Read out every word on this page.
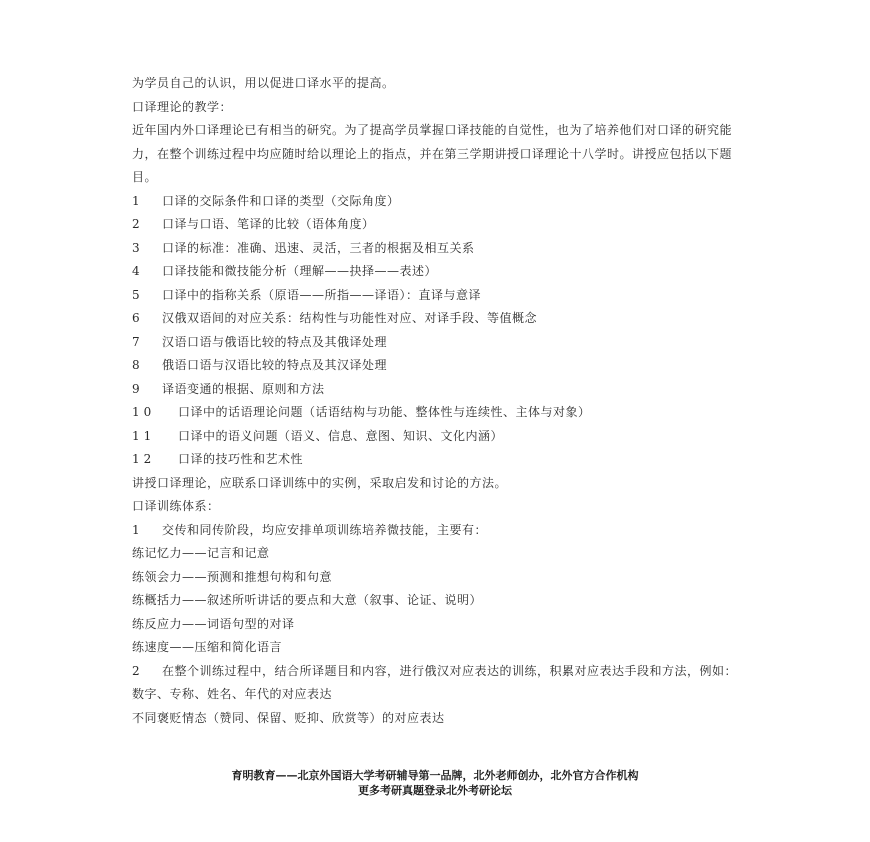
为学员自己的认识，用以促进口译水平的提高。
口译理论的教学：
近年国内外口译理论已有相当的研究。为了提高学员掌握口译技能的自觉性，也为了培养他们对口译的研究能力，在整个训练过程中均应随时给以理论上的指点，并在第三学期讲授口译理论十八学时。讲授应包括以下题目。
1	口译的交际条件和口译的类型（交际角度）
2	口译与口语、笔译的比较（语体角度）
3	口译的标准：准确、迅速、灵活，三者的根据及相互关系
4	口译技能和微技能分析（理解——抉择——表述）
5	口译中的指称关系（原语——所指——译语）：直译与意译
6	汉俄双语间的对应关系：结构性与功能性对应、对译手段、等值概念
7	汉语口语与俄语比较的特点及其俄译处理
8	俄语口语与汉语比较的特点及其汉译处理
9	译语变通的根据、原则和方法
10	口译中的话语理论问题（话语结构与功能、整体性与连续性、主体与对象）
11	口译中的语义问题（语义、信息、意图、知识、文化内涵）
12	口译的技巧性和艺术性
讲授口译理论，应联系口译训练中的实例，采取启发和讨论的方法。
口译训练体系：
1	交传和同传阶段，均应安排单项训练培养微技能，主要有：
练记忆力——记言和记意
练领会力——预测和推想句构和句意
练概括力——叙述所听讲话的要点和大意（叙事、论证、说明）
练反应力——词语句型的对译
练速度——压缩和简化语言
2 在整个训练过程中，结合所译题目和内容，进行俄汉对应表达的训练，积累对应表达手段和方法，例如：
数字、专称、姓名、年代的对应表达
不同褒贬情态（赞同、保留、贬抑、欣赏等）的对应表达
育明教育——北京外国语大学考研辅导第一品牌，北外老师创办，北外官方合作机构
更多考研真题登录北外考研论坛
